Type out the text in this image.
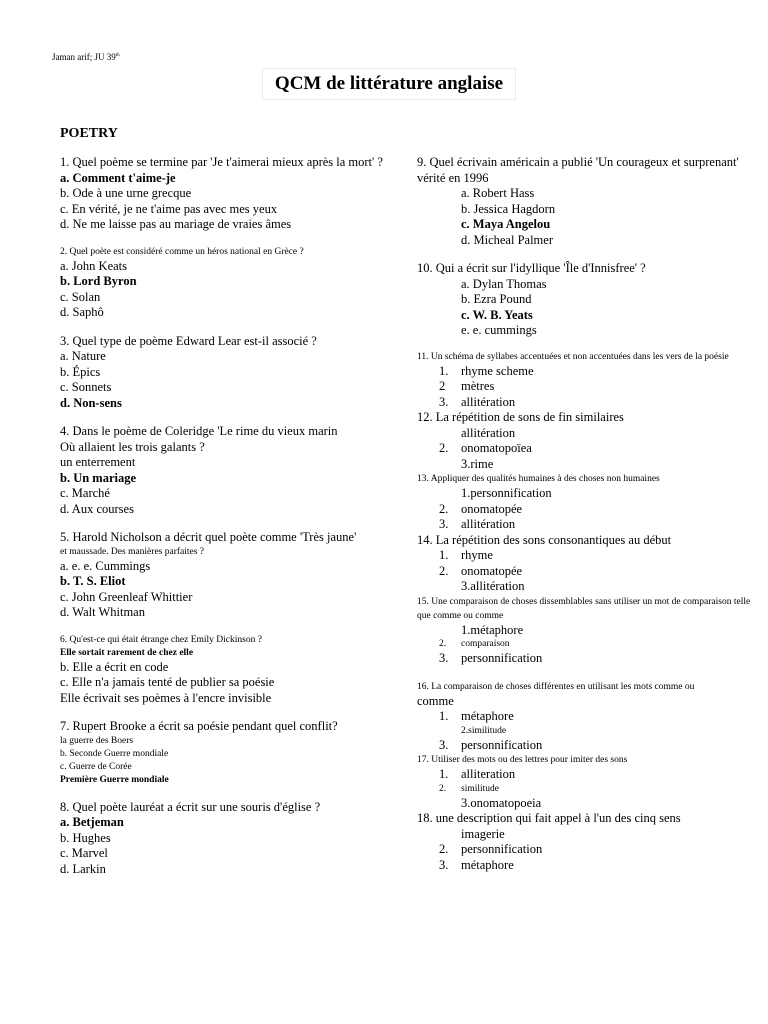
Jaman arif; JU 39th
QCM de littérature anglaise
POETRY
1. Quel poème se termine par 'Je t'aimerai mieux après la mort' ?
a. Comment t'aime-je
b. Ode à une urne grecque
c. En vérité, je ne t'aime pas avec mes yeux
d. Ne me laisse pas au mariage de vraies âmes
2. Quel poète est considéré comme un héros national en Grèce ?
a. John Keats
b. Lord Byron
c. Solan
d. Saphô
3. Quel type de poème Edward Lear est-il associé ?
a. Nature
b. Épics
c. Sonnets
d. Non-sens
4. Dans le poème de Coleridge 'Le rime du vieux marin
Où allaient les trois galants ?
un enterrement
b. Un mariage
c. Marché
d. Aux courses
5. Harold Nicholson a décrit quel poète comme 'Très jaune'
et maussade. Des manières parfaites ?
a. e. e. Cummings
b. T. S. Eliot
c. John Greenleaf Whittier
d. Walt Whitman
6. Qu'est-ce qui était étrange chez Emily Dickinson ?
Elle sortait rarement de chez elle
b. Elle a écrit en code
c. Elle n'a jamais tenté de publier sa poésie
Elle écrivait ses poèmes à l'encre invisible
7. Rupert Brooke a écrit sa poésie pendant quel conflit?
la guerre des Boers
b. Seconde Guerre mondiale
c. Guerre de Corée
Première Guerre mondiale
8. Quel poète lauréat a écrit sur une souris d'église ?
a. Betjeman
b. Hughes
c. Marvel
d. Larkin
9. Quel écrivain américain a publié 'Un courageux et surprenant' vérité en 1996
a. Robert Hass
b. Jessica Hagdorn
c. Maya Angelou
d. Micheal Palmer
10. Qui a écrit sur l'idyllique 'Île d'Innisfree' ?
a. Dylan Thomas
b. Ezra Pound
c. W. B. Yeats
e. e. cummings
11. Un schéma de syllabes accentuées et non accentuées dans les vers de la poésie
1. rhyme scheme
2 mètres
3. allitération
12. La répétition de sons de fin similaires
allitération
2. onomatopoïea
3.rime
13. Appliquer des qualités humaines à des choses non humaines
1.personnification
2. onomatopée
3. allitération
14. La répétition des sons consonantiques au début
1. rhyme
2. onomatopée
3.allitération
15. Une comparaison de choses dissemblables sans utiliser un mot de comparaison telle que comme ou comme
1.métaphore
2. comparaison
3. personnification
16. La comparaison de choses différentes en utilisant les mots comme ou
comme
1. métaphore
2.similitude
3. personnification
17. Utiliser des mots ou des lettres pour imiter des sons
1. alliteration
2. similitude
3.onomatopoeia
18. une description qui fait appel à l'un des cinq sens
imagerie
2. personnification
3. métaphore
